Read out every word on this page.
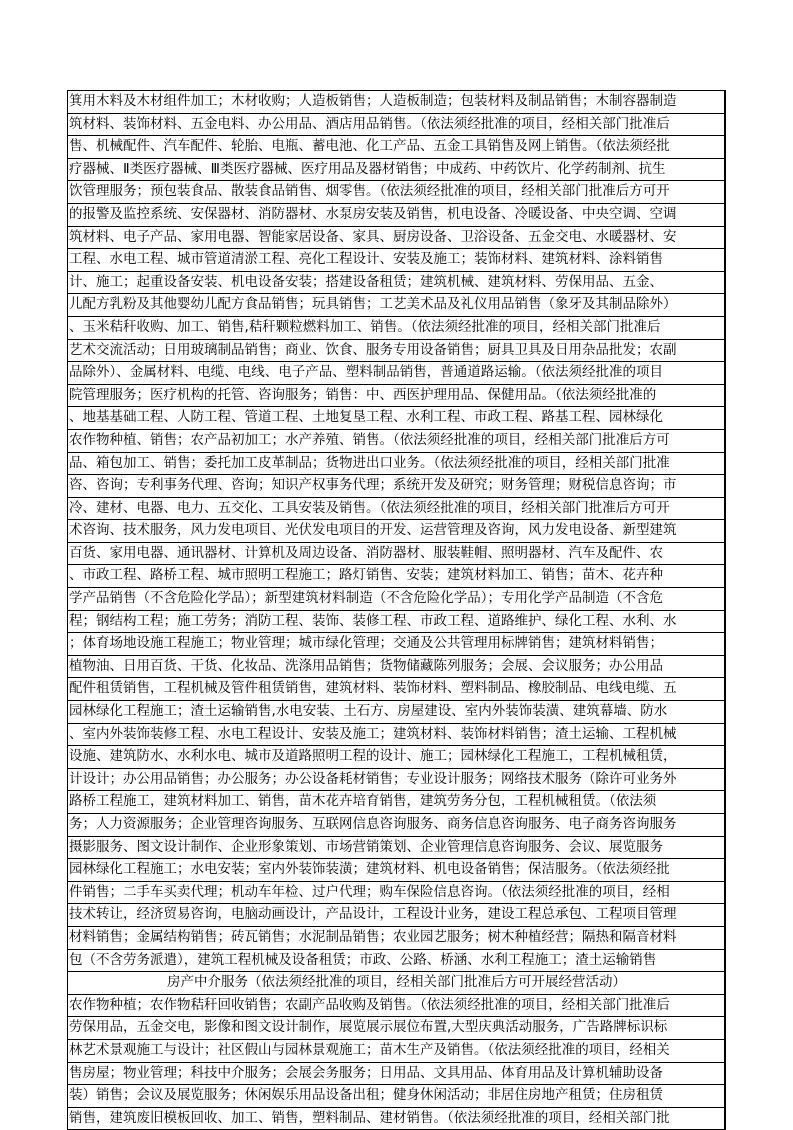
箕用木料及木材组件加工；木材收购；人造板销售；人造板制造；包装材料及制品销售；木制容器制造
筑材料、装饰材料、五金电料、办公用品、酒店用品销售。（依法须经批准的项目，经相关部门批准后
售、机械配件、汽车配件、轮胎、电瓶、蓄电池、化工产品、五金工具销售及网上销售。（依法须经批
疗器械、Ⅱ类医疗器械、Ⅲ类医疗器械、医疗用品及器材销售；中成药、中药饮片、化学药制剂、抗生
饮管理服务；预包装食品、散装食品销售、烟零售。（依法须经批准的项目，经相关部门批准后方可开
的报警及监控系统、安保器材、消防器材、水泵房安装及销售，机电设备、冷暖设备、中央空调、空调
筑材料、电子产品、家用电器、智能家居设备、家具、厨房设备、卫浴设备、五金交电、水暖器材、安
工程、水电工程、城市管道清淤工程、亮化工程设计、安装及施工；装饰材料、建筑材料、涂料销售
计、施工；起重设备安装、机电设备安装；搭建设备租赁；建筑机械、建筑材料、劳保用品、五金、
儿配方乳粉及其他婴幼儿配方食品销售；玩具销售；工艺美术品及礼仪用品销售（象牙及其制品除外）
、玉米秸秆收购、加工、销售,秸秆颗粒燃料加工、销售。（依法须经批准的项目，经相关部门批准后
艺术交流活动；日用玻璃制品销售；商业、饮食、服务专用设备销售；厨具卫具及日用杂品批发；农副
品除外）、金属材料、电缆、电线、电子产品、塑料制品销售，普通道路运输。（依法须经批准的项目
院管理服务；医疗机构的托管、咨询服务；销售：中、西医护理用品、保健用品。（依法须经批准的
、地基基础工程、人防工程、管道工程、土地复垦工程、水利工程、市政工程、路基工程、园林绿化
农作物种植、销售；农产品初加工；水产养殖、销售。（依法须经批准的项目，经相关部门批准后方可
品、箱包加工、销售；委托加工皮革制品；货物进出口业务。（依法须经批准的项目，经相关部门批准
咨、咨询；专利事务代理、咨询；知识产权事务代理；系统开发及研究；财务管理；财税信息咨询；市
冷、建材、电器、电力、五交化、工具安装及销售。（依法须经批准的项目，经相关部门批准后方可开
术咨询、技术服务，风力发电项目、光伏发电项目的开发、运营管理及咨询，风力发电设备、新型建筑
百货、家用电器、通讯器材、计算机及周边设备、消防器材、服装鞋帽、照明器材、汽车及配件、农
、市政工程、路桥工程、城市照明工程施工；路灯销售、安装；建筑材料加工、销售；苗木、花卉种
学产品销售（不含危险化学品）；新型建筑材料制造（不含危险化学品）；专用化学产品制造（不含危
程；钢结构工程；施工劳务；消防工程、装饰、装修工程、市政工程、道路维护、绿化工程、水利、水
；体育场地设施工程施工；物业管理；城市绿化管理；交通及公共管理用标牌销售；建筑材料销售；
植物油、日用百货、干货、化妆品、洗涤用品销售；货物储藏陈列服务；会展、会议服务；办公用品
配件租赁销售，工程机械及管件租赁销售，建筑材料、装饰材料、塑料制品、橡胶制品、电线电缆、五
园林绿化工程施工；渣土运输销售,水电安装、土石方、房屋建设、室内外装饰装潢、建筑幕墙、防水
、室内外装饰装修工程、水电工程设计、安装及施工；建筑材料、装饰材料销售；渣土运输、工程机械
设施、建筑防水、水利水电、城市及道路照明工程的设计、施工；园林绿化工程施工，工程机械租赁，
计设计；办公用品销售；办公服务；办公设备耗材销售；专业设计服务；网络技术服务（除许可业务外
路桥工程施工，建筑材料加工、销售，苗木花卉培育销售，建筑劳务分包，工程机械租赁。（依法须
务；人力资源服务；企业管理咨询服务、互联网信息咨询服务、商务信息咨询服务、电子商务咨询服务
摄影服务、图文设计制作、企业形象策划、市场营销策划、企业管理信息咨询服务、会议、展览服务
园林绿化工程施工；水电安装；室内外装饰装潢；建筑材料、机电设备销售；保洁服务。（依法须经批
件销售；二手车买卖代理；机动车年检、过户代理；购车保险信息咨询。（依法须经批准的项目，经相
技术转让，经济贸易咨询，电脑动画设计，产品设计，工程设计业务，建设工程总承包、工程项目管理
材料销售；金属结构销售；砖瓦销售；水泥制品销售；农业园艺服务；树木种植经营；隔热和隔音材料
包（不含劳务派遣），建筑工程机械及设备租赁；市政、公路、桥涵、水利工程施工；渣土运输销售
房产中介服务（依法须经批准的项目，经相关部门批准后方可开展经营活动）
农作物种植；农作物秸秆回收销售；农副产品收购及销售。（依法须经批准的项目，经相关部门批准后
劳保用品，五金交电，影像和图文设计制作，展览展示展位布置,大型庆典活动服务，广告路牌标识标
林艺术景观施工与设计；社区假山与园林景观施工；苗木生产及销售。（依法须经批准的项目，经相关
售房屋；物业管理；科技中介服务；会展会务服务；日用品、文具用品、体育用品及计算机辅助设备
装）销售；会议及展览服务；休闲娱乐用品设备出租；健身休闲活动；非居住房地产租赁；住房租赁
销售，建筑废旧模板回收、加工、销售，塑料制品、建材销售。（依法须经批准的项目，经相关部门批
